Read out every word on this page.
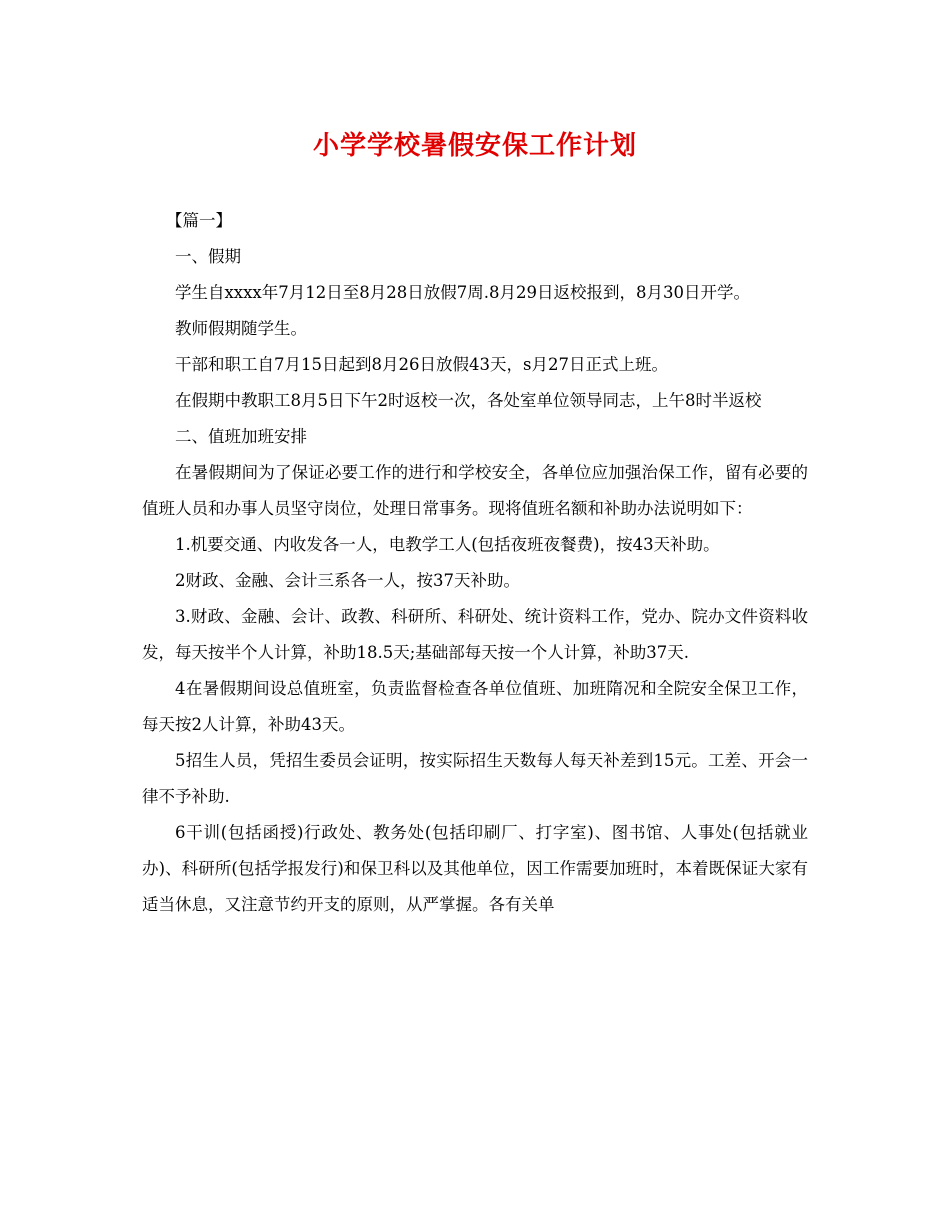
小学学校暑假安保工作计划

【篇一】

一、假期

学生自xxxx年7月12日至8月28日放假7周.8月29日返校报到，8月30日开学。

教师假期随学生。

干部和职工自7月15日起到8月26日放假43天，s月27日正式上班。

在假期中教职工8月5日下午2时返校一次，各处室单位领导同志，上午8时半返校

二、值班加班安排

在暑假期间为了保证必要工作的进行和学校安全，各单位应加强治保工作，留有必要的值班人员和办事人员坚守岗位，处理日常事务。现将值班名额和补助办法说明如下：

1.机要交通、内收发各一人，电教学工人(包括夜班夜餐费)，按43天补助。

2财政、金融、会计三系各一人，按37天补助。

3.财政、金融、会计、政教、科研所、科研处、统计资料工作，党办、院办文件资料收发，每天按半个人计算，补助18.5天;基础部每天按一个人计算，补助37天.

4在暑假期间设总值班室，负责监督检查各单位值班、加班隋况和全院安全保卫工作，每天按2人计算，补助43天。

5招生人员，凭招生委员会证明，按实际招生天数每人每天补差到15元。工差、开会一律不予补助.

6干训(包括函授)行政处、教务处(包括印刷厂、打字室)、图书馆、人事处(包括就业办)、科研所(包括学报发行)和保卫科以及其他单位，因工作需要加班时，本着既保证大家有适当休息，又注意节约开支的原则，从严掌握。各有关单
